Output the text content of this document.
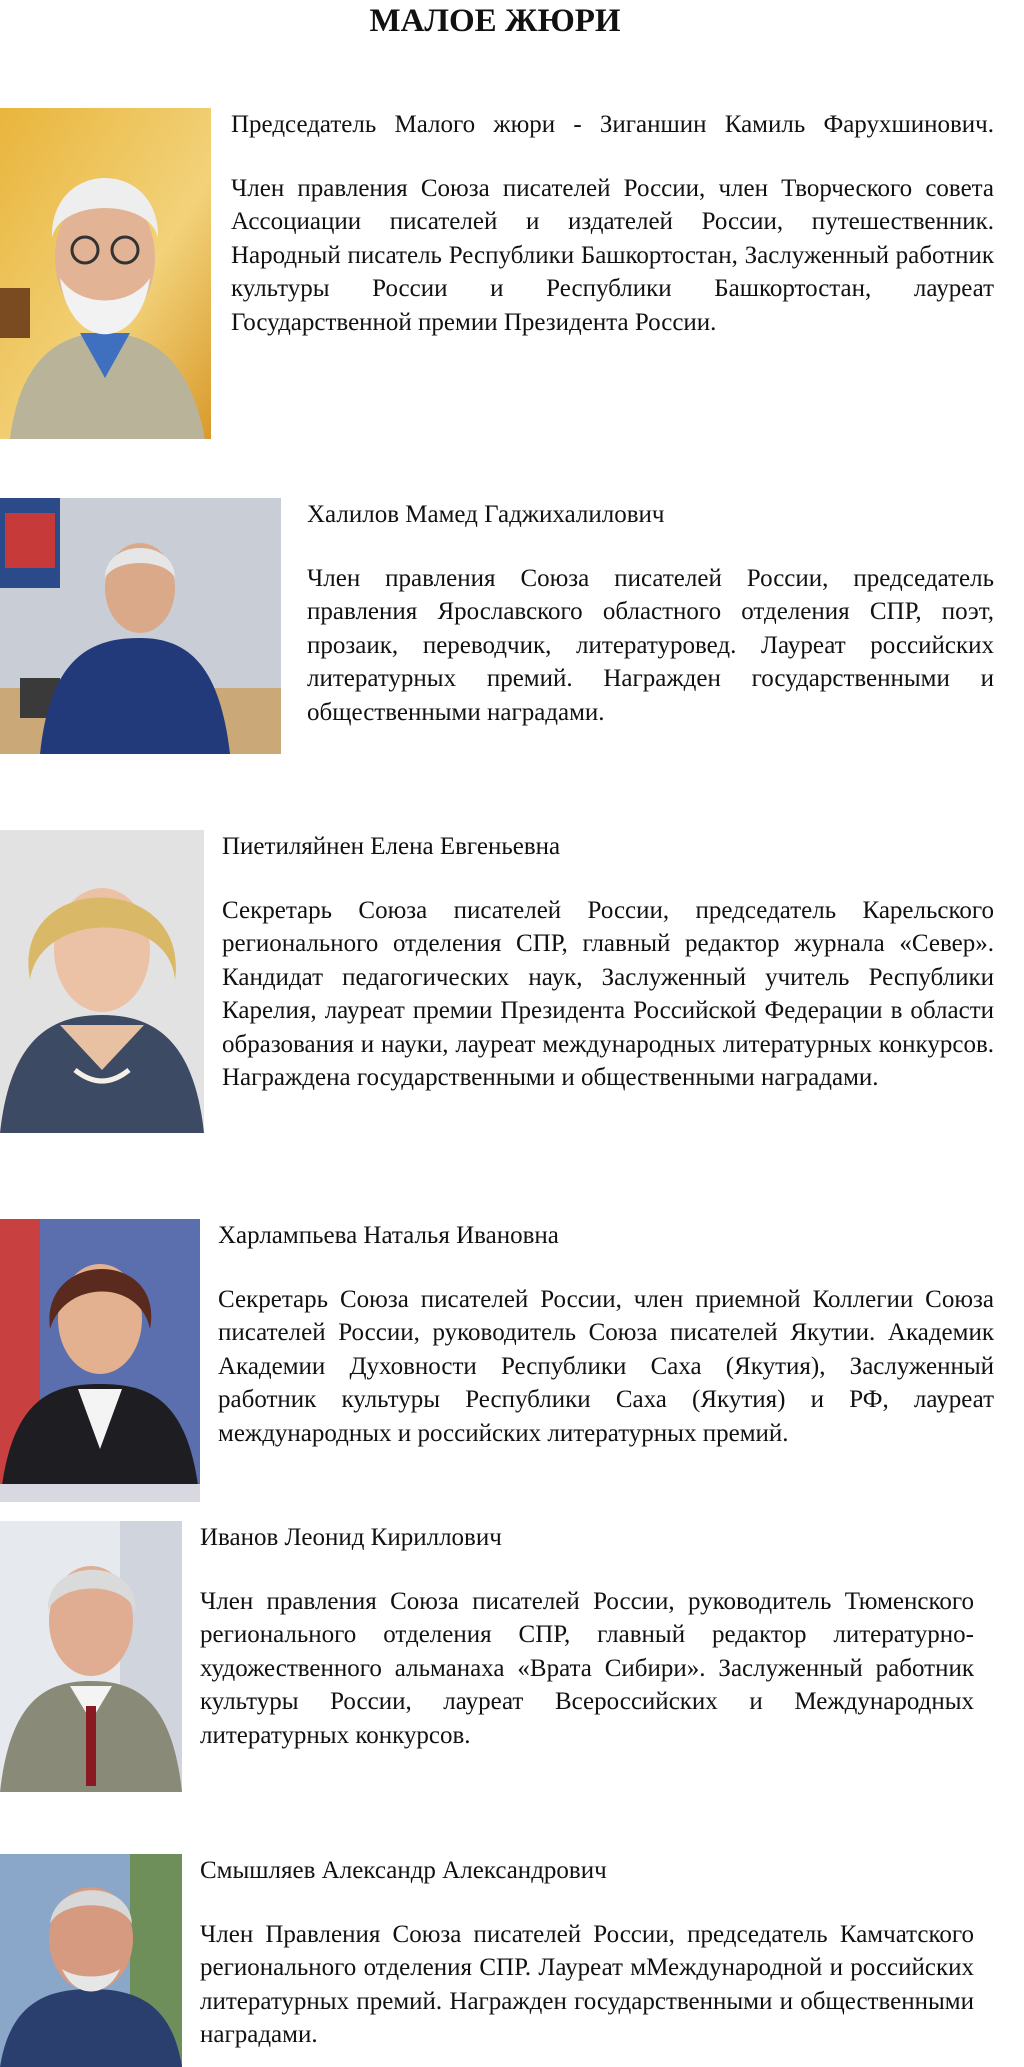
МАЛОЕ ЖЮРИ

Председатель Малого жюри - Зиганшин Камиль Фарухшинович.

Член правления Союза писателей России, член Творческого совета Ассоциации писателей и издателей России, путешественник. Народный писатель Республики Башкортостан, Заслуженный работник культуры России и Республики Башкортостан, лауреат Государственной премии Президента России.

Халилов Мамед Гаджихалилович

Член правления Союза писателей России, председатель правления Ярославского областного отделения СПР, поэт, прозаик, переводчик, литературовед. Лауреат российских литературных премий. Награжден государственными и общественными наградами.

Пиетиляйнен Елена Евгеньевна

Секретарь Союза писателей России, председатель Карельского регионального отделения СПР, главный редактор журнала «Север». Кандидат педагогических наук, Заслуженный учитель Республики Карелия, лауреат премии Президента Российской Федерации в области образования и науки, лауреат международных литературных конкурсов. Награждена государственными и общественными наградами.

Харлампьева Наталья Ивановна

Секретарь Союза писателей России, член приемной Коллегии Союза писателей России, руководитель Союза писателей Якутии. Академик Академии Духовности Республики Саха (Якутия), Заслуженный работник культуры Республики Саха (Якутия) и РФ, лауреат международных и российских литературных премий.

Иванов Леонид Кириллович

Член правления Союза писателей России, руководитель Тюменского регионального отделения СПР, главный редактор литературно-художественного альманаха «Врата Сибири». Заслуженный работник культуры России, лауреат Всероссийских и Международных литературных конкурсов.

Смышляев Александр Александрович

Член Правления Союза писателей России, председатель Камчатского регионального отделения СПР. Лауреат мМеждународной и российских литературных премий. Награжден государственными и общественными наградами.
